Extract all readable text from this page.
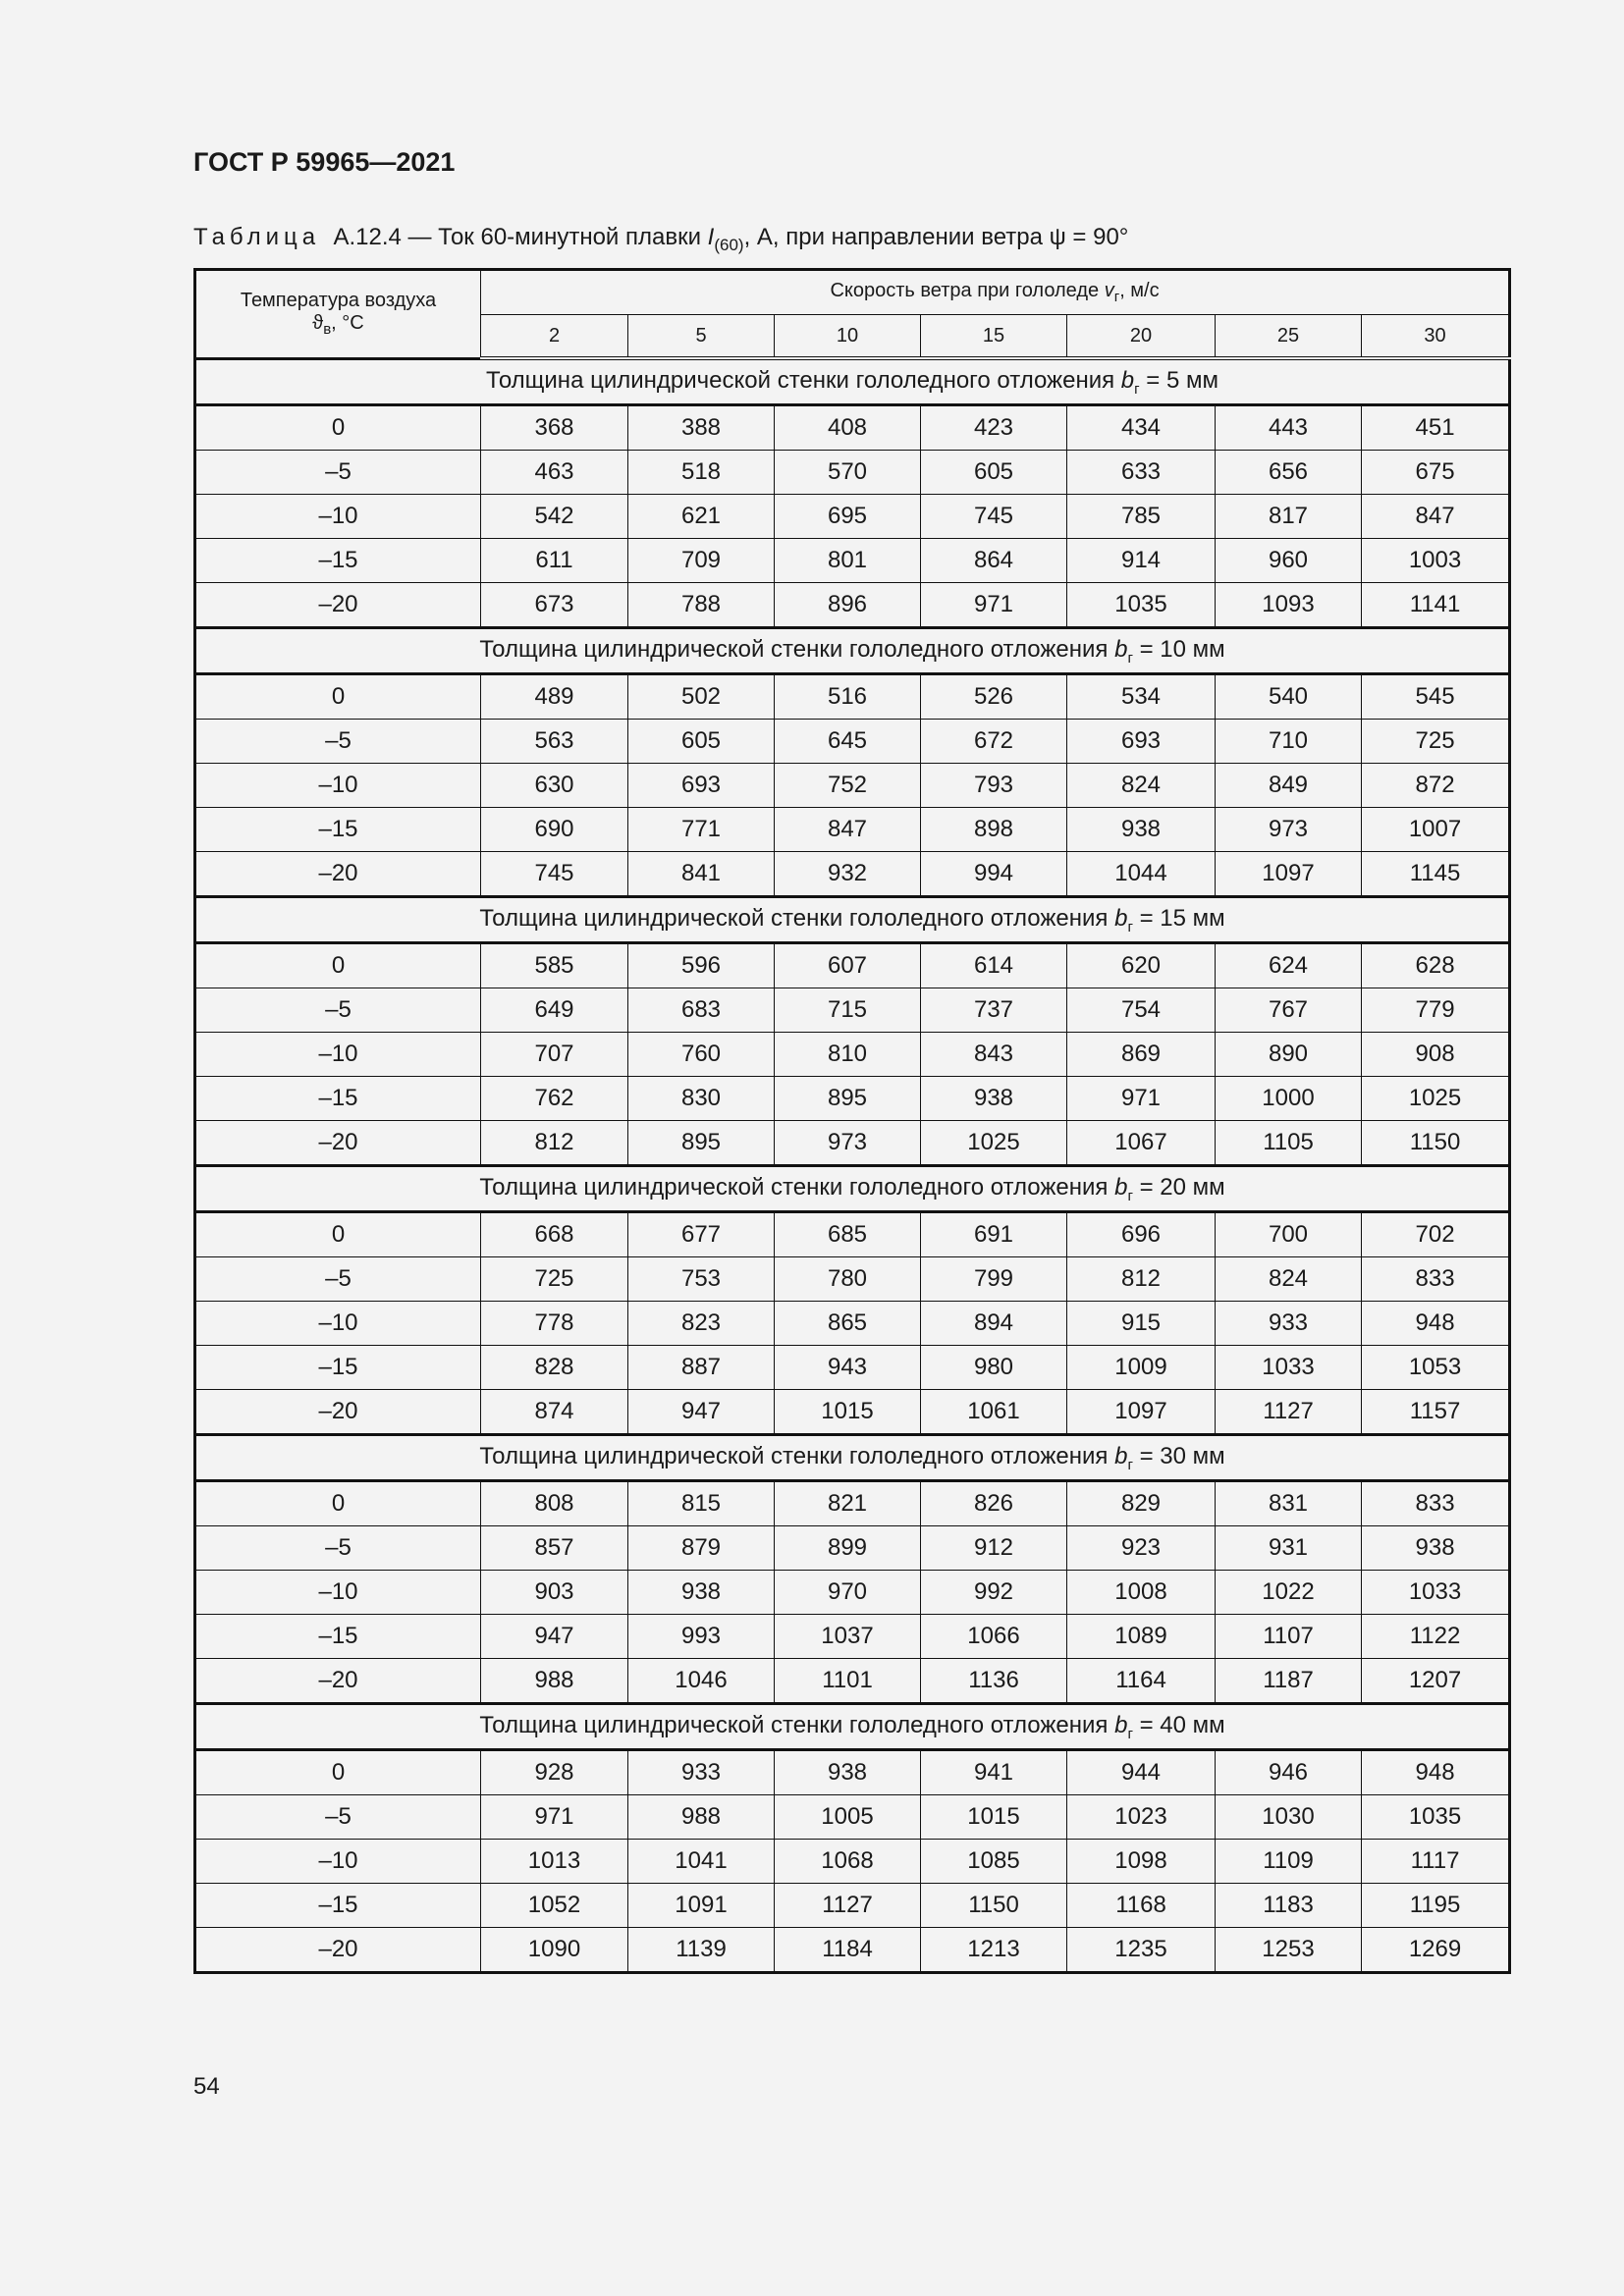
ГОСТ Р 59965—2021
Таблица А.12.4 — Ток 60-минутной плавки $I_{(60)}$, А, при направлении ветра ψ = 90°
Температура воздуха
$ϑ_в$, °С	Скорость ветра при гололеде $v_г$, м/с						
	2	5	10	15	20	25	30
Толщина цилиндрической стенки гололедного отложения $b_г = 5$ мм							
0	368	388	408	423	434	443	451
–5	463	518	570	605	633	656	675
–10	542	621	695	745	785	817	847
–15	611	709	801	864	914	960	1003
–20	673	788	896	971	1035	1093	1141
Толщина цилиндрической стенки гололедного отложения $b_г = 10$ мм							
0	489	502	516	526	534	540	545
–5	563	605	645	672	693	710	725
–10	630	693	752	793	824	849	872
–15	690	771	847	898	938	973	1007
–20	745	841	932	994	1044	1097	1145
Толщина цилиндрической стенки гололедного отложения $b_г = 15$ мм							
0	585	596	607	614	620	624	628
–5	649	683	715	737	754	767	779
–10	707	760	810	843	869	890	908
–15	762	830	895	938	971	1000	1025
–20	812	895	973	1025	1067	1105	1150
Толщина цилиндрической стенки гололедного отложения $b_г = 20$ мм							
0	668	677	685	691	696	700	702
–5	725	753	780	799	812	824	833
–10	778	823	865	894	915	933	948
–15	828	887	943	980	1009	1033	1053
–20	874	947	1015	1061	1097	1127	1157
Толщина цилиндрической стенки гололедного отложения $b_г = 30$ мм							
0	808	815	821	826	829	831	833
–5	857	879	899	912	923	931	938
–10	903	938	970	992	1008	1022	1033
–15	947	993	1037	1066	1089	1107	1122
–20	988	1046	1101	1136	1164	1187	1207
Толщина цилиндрической стенки гололедного отложения $b_г = 40$ мм							
0	928	933	938	941	944	946	948
–5	971	988	1005	1015	1023	1030	1035
–10	1013	1041	1068	1085	1098	1109	1117
–15	1052	1091	1127	1150	1168	1183	1195
–20	1090	1139	1184	1213	1235	1253	1269
54
